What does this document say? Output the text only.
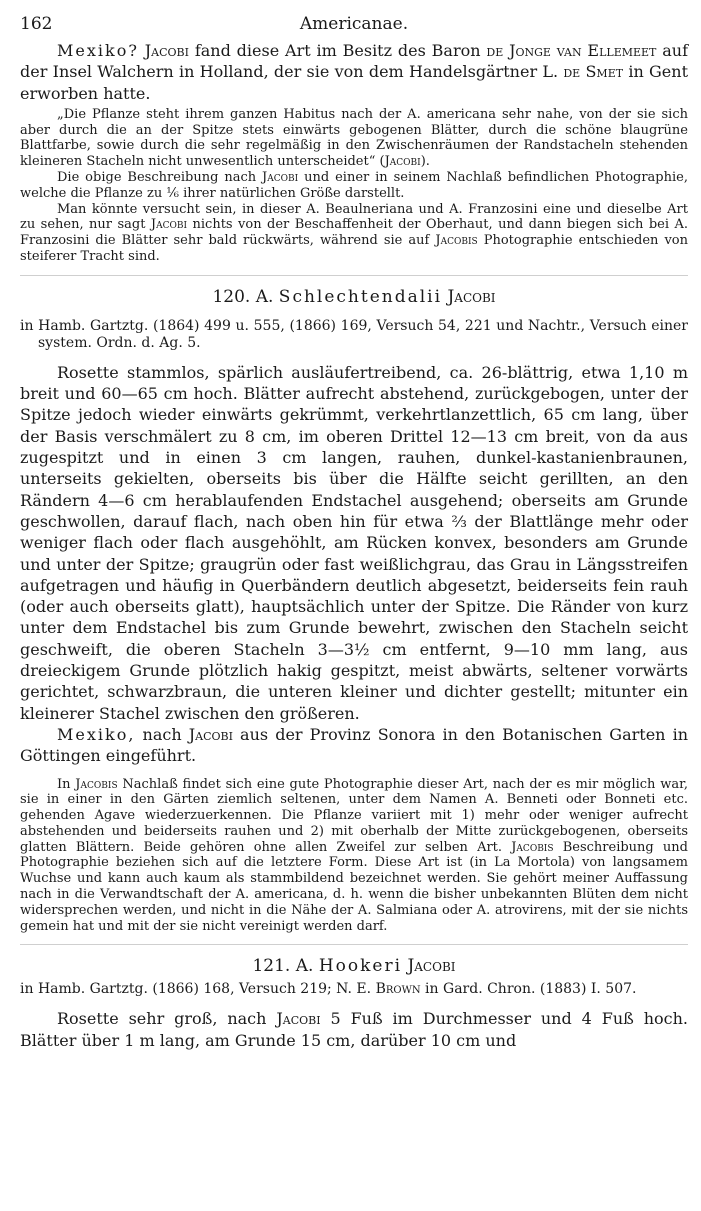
162	Americanae.

Mexiko? Jacobi fand diese Art im Besitz des Baron de Jonge van Ellemeet auf der Insel Walchern in Holland, der sie von dem Handelsgärtner L. de Smet in Gent erworben hatte.

„Die Pflanze steht ihrem ganzen Habitus nach der A. americana sehr nahe, von der sie sich aber durch die an der Spitze stets einwärts gebogenen Blätter, durch die schöne blaugrüne Blattfarbe, sowie durch die sehr regelmäßig in den Zwischenräumen der Randstacheln stehenden kleineren Stacheln nicht unwesentlich unterscheidet“ (Jacobi).

Die obige Beschreibung nach Jacobi und einer in seinem Nachlaß befindlichen Photographie, welche die Pflanze zu ⅙ ihrer natürlichen Größe darstellt.

Man könnte versucht sein, in dieser A. Beaulneriana und A. Franzosini eine und dieselbe Art zu sehen, nur sagt Jacobi nichts von der Beschaffenheit der Oberhaut, und dann biegen sich bei A. Franzosini die Blätter sehr bald rückwärts, während sie auf Jacobis Photographie entschieden von steiferer Tracht sind.

120. A. Schlechtendalii Jacobi

in Hamb. Gartztg. (1864) 499 u. 555, (1866) 169, Versuch 54, 221 und Nachtr., Versuch einer system. Ordn. d. Ag. 5.

Rosette stammlos, spärlich ausläufertreibend, ca. 26-blättrig, etwa 1,10 m breit und 60—65 cm hoch. Blätter aufrecht abstehend, zurückgebogen, unter der Spitze jedoch wieder einwärts gekrümmt, verkehrtlanzettlich, 65 cm lang, über der Basis verschmälert zu 8 cm, im oberen Drittel 12—13 cm breit, von da aus zugespitzt und in einen 3 cm langen, rauhen, dunkel-kastanienbraunen, unterseits gekielten, oberseits bis über die Hälfte seicht gerillten, an den Rändern 4—6 cm herablaufenden Endstachel ausgehend; oberseits am Grunde geschwollen, darauf flach, nach oben hin für etwa ⅔ der Blattlänge mehr oder weniger flach oder flach ausgehöhlt, am Rücken konvex, besonders am Grunde und unter der Spitze; graugrün oder fast weißlichgrau, das Grau in Längsstreifen aufgetragen und häufig in Querbändern deutlich abgesetzt, beiderseits fein rauh (oder auch oberseits glatt), hauptsächlich unter der Spitze. Die Ränder von kurz unter dem Endstachel bis zum Grunde bewehrt, zwischen den Stacheln seicht geschweift, die oberen Stacheln 3—3½ cm entfernt, 9—10 mm lang, aus dreieckigem Grunde plötzlich hakig gespitzt, meist abwärts, seltener vorwärts gerichtet, schwarzbraun, die unteren kleiner und dichter gestellt; mitunter ein kleinerer Stachel zwischen den größeren.

Mexiko, nach Jacobi aus der Provinz Sonora in den Botanischen Garten in Göttingen eingeführt.

In Jacobis Nachlaß findet sich eine gute Photographie dieser Art, nach der es mir möglich war, sie in einer in den Gärten ziemlich seltenen, unter dem Namen A. Benneti oder Bonneti etc. gehenden Agave wiederzuerkennen. Die Pflanze variiert mit 1) mehr oder weniger aufrecht abstehenden und beiderseits rauhen und 2) mit oberhalb der Mitte zurückgebogenen, oberseits glatten Blättern. Beide gehören ohne allen Zweifel zur selben Art. Jacobis Beschreibung und Photographie beziehen sich auf die letztere Form. Diese Art ist (in La Mortola) von langsamem Wuchse und kann auch kaum als stammbildend bezeichnet werden. Sie gehört meiner Auffassung nach in die Verwandtschaft der A. americana, d. h. wenn die bisher unbekannten Blüten dem nicht widersprechen werden, und nicht in die Nähe der A. Salmiana oder A. atrovirens, mit der sie nichts gemein hat und mit der sie nicht vereinigt werden darf.

121. A. Hookeri Jacobi

in Hamb. Gartztg. (1866) 168, Versuch 219; N. E. Brown in Gard. Chron. (1883) I. 507.

Rosette sehr groß, nach Jacobi 5 Fuß im Durchmesser und 4 Fuß hoch. Blätter über 1 m lang, am Grunde 15 cm, darüber 10 cm und
